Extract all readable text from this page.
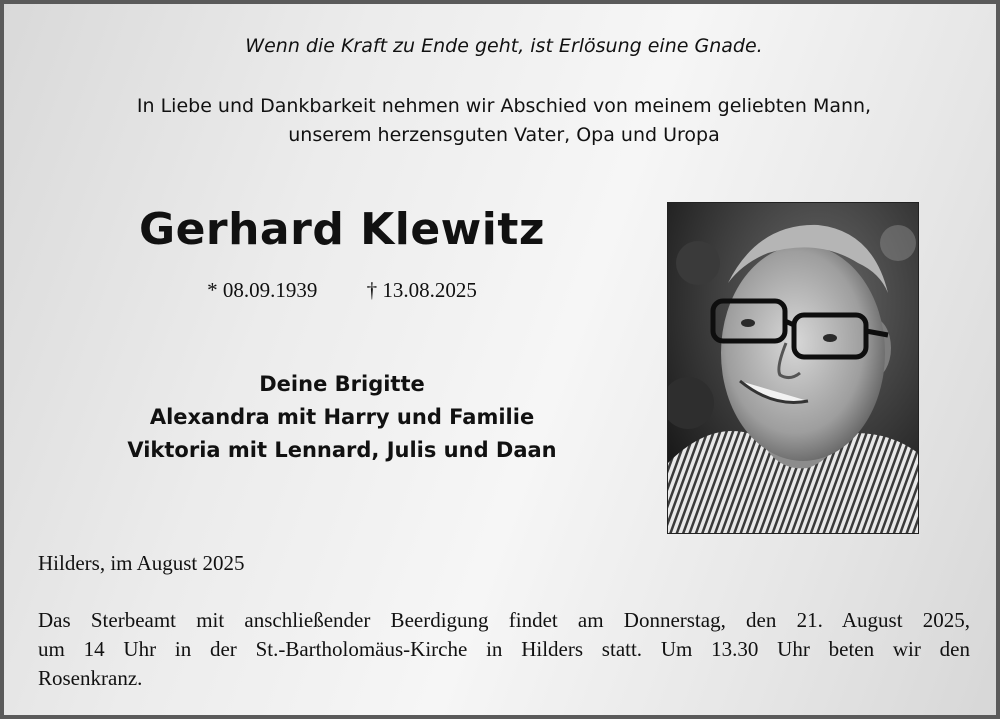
Wenn die Kraft zu Ende geht, ist Erlösung eine Gnade.
In Liebe und Dankbarkeit nehmen wir Abschied von meinem geliebten Mann,
unserem herzensguten Vater, Opa und Uropa
Gerhard Klewitz
* 08.09.1939 † 13.08.2025
Deine Brigitte
Alexandra mit Harry und Familie
Viktoria mit Lennard, Julis und Daan
Hilders, im August 2025
Das Sterbeamt mit anschließender Beerdigung findet am Donnerstag, den 21. August 2025,
um 14 Uhr in der St.-Bartholomäus-Kirche in Hilders statt. Um 13.30 Uhr beten wir den
Rosenkranz.
